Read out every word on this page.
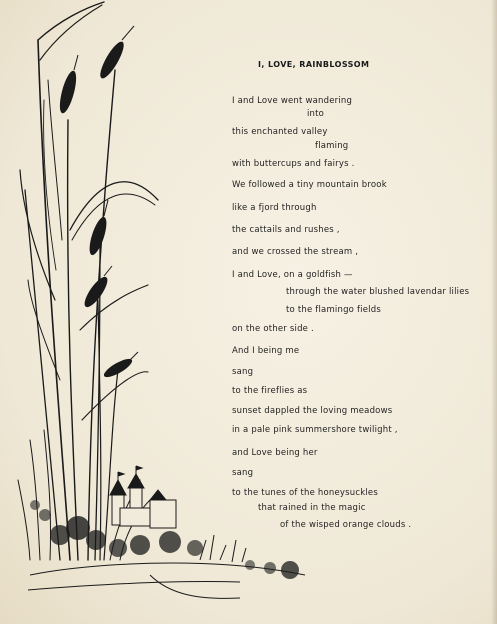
I, LOVE, RAINBLOSSOM
I and Love went wandering
into
this enchanted valley
flaming
with buttercups and fairys .
We followed a tiny mountain brook
like a fjord through
the cattails and rushes ,
and we crossed the stream ,
I and Love, on a goldfish —
through the water blushed lavendar lilies
to the flamingo fields
on the other side .
And I being me
sang
to the fireflies as
sunset dappled the loving meadows
in a pale pink summershore twilight ,
and Love being her
sang
to the tunes of the honeysuckles
that rained in the magic
of the wisped orange clouds .
